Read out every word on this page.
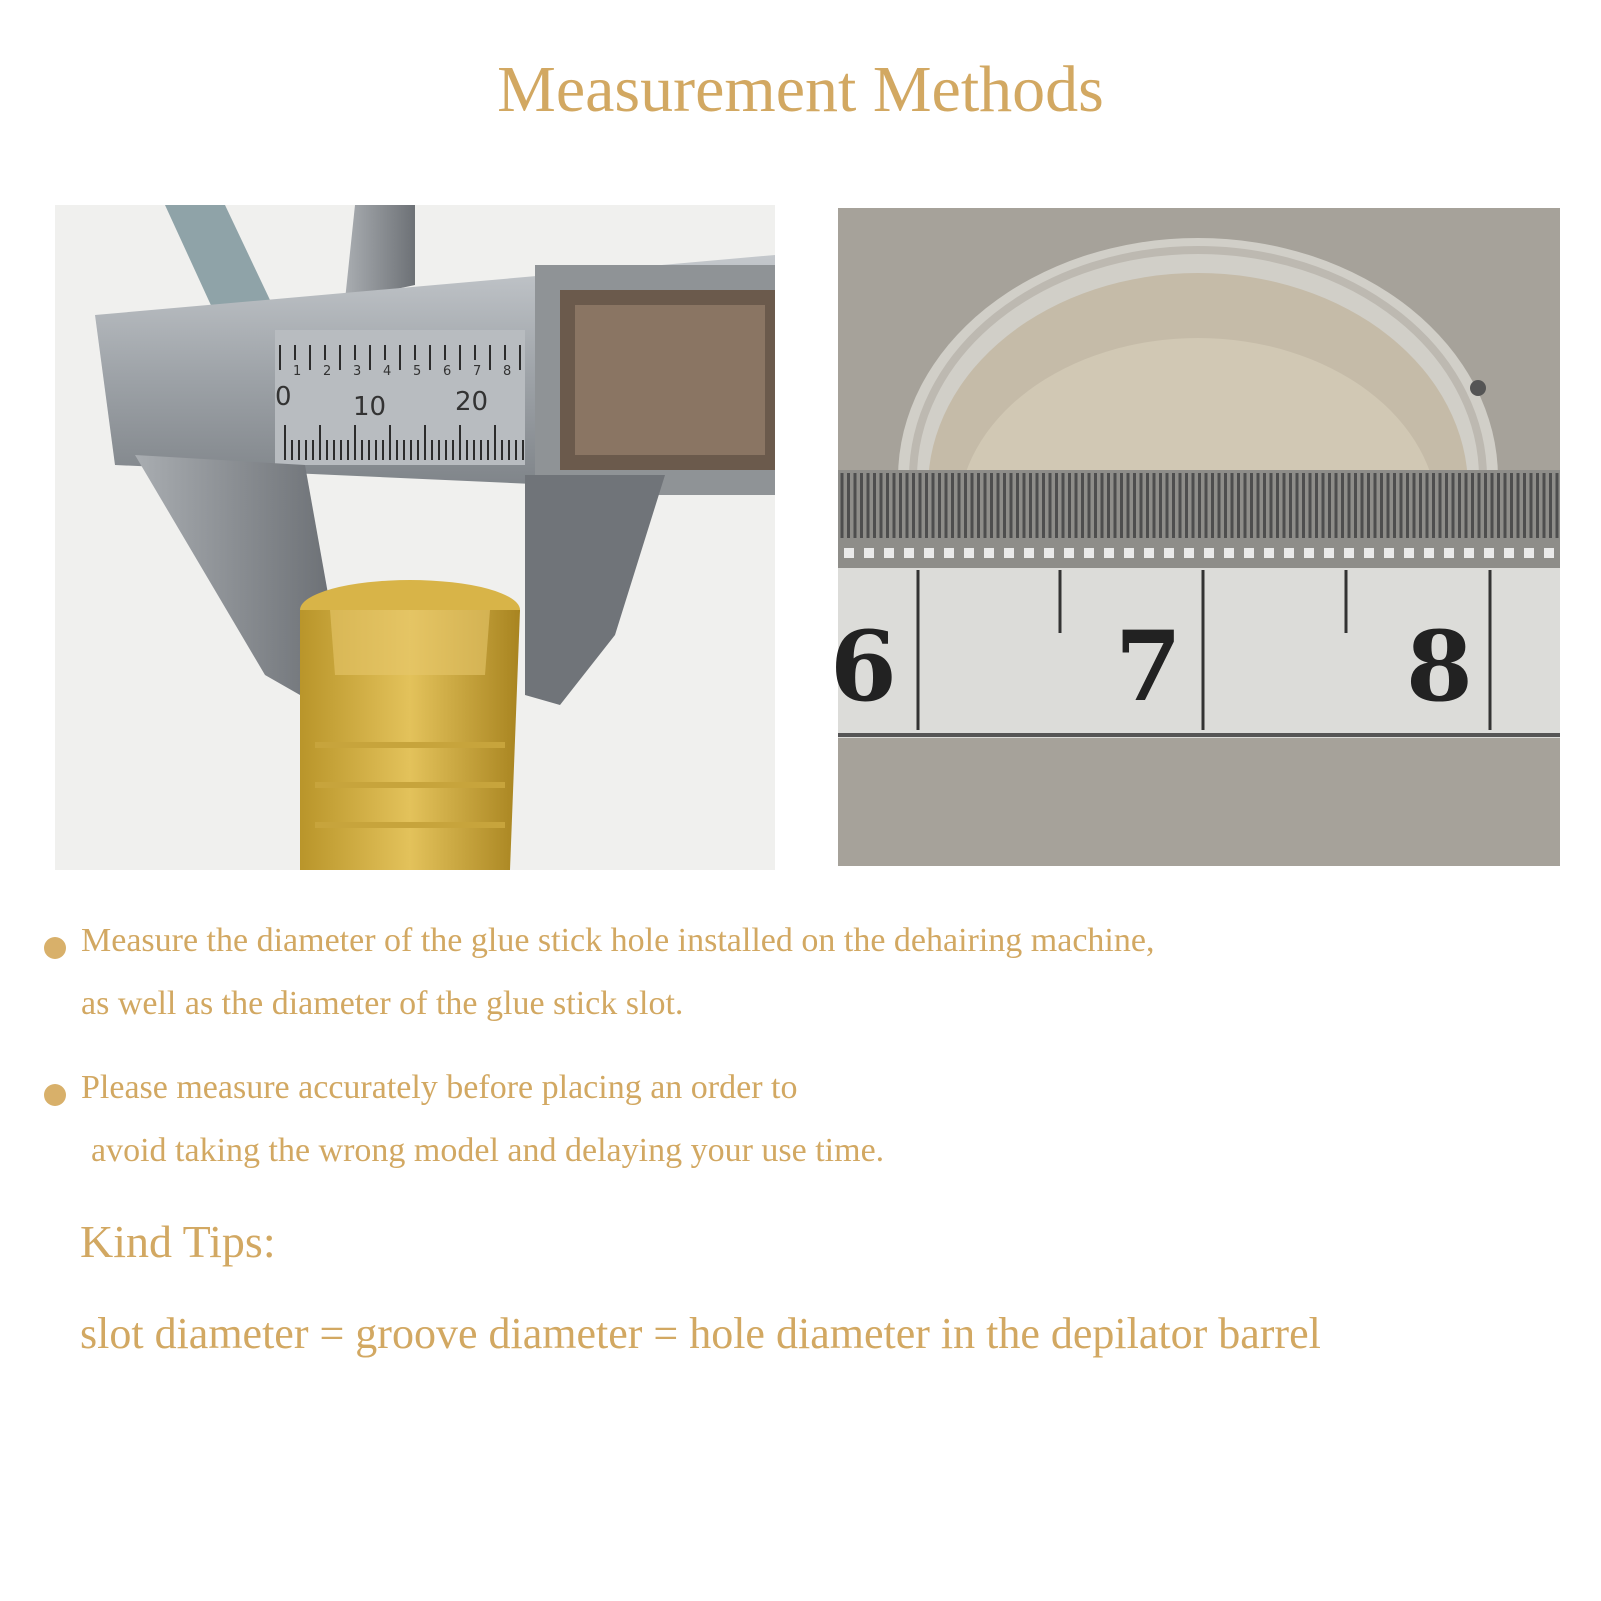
Measurement Methods
0 10	20
1 2 3 4 5 6 7 8
6 7 8
Measure the diameter of the glue stick hole installed on the dehairing machine,
as well as the diameter of the glue stick slot.
Please measure accurately before placing an order to
avoid taking the wrong model and delaying your use time.
Kind Tips:
slot diameter = groove diameter = hole diameter in the depilator barrel
